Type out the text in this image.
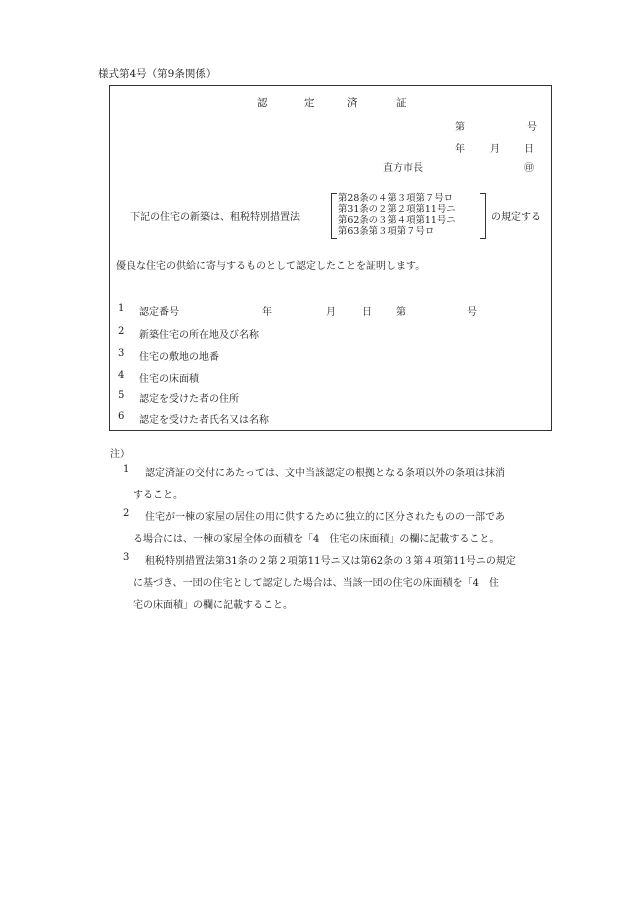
様式第4号（第9条関係）
認	定	済	証
第	号
年	月 日
直方市長	㊞
下記の住宅の新築は、租税特別措置法
第28条の４第３項第７号ロ
第31条の２第２項第11号ニ
第62条の３第４項第11号ニ
第63条第３項第７号ロ
の規定する
優良な住宅の供給に寄与するものとして認定したことを証明します。
1 認定番号	年	月	日 第	号
2 新築住宅の所在地及び名称
3 住宅の敷地の地番
4 住宅の床面積
5 認定を受けた者の住所
6 認定を受けた者氏名又は名称
注）
1 認定済証の交付にあたっては、文中当該認定の根拠となる条項以外の条項は抹消
すること。
2 住宅が一棟の家屋の居住の用に供するために独立的に区分されたものの一部であ
る場合には、一棟の家屋全体の面積を「4　住宅の床面積」の欄に記載すること。
3 租税特別措置法第31条の２第２項第11号ニ又は第62条の３第４項第11号ニの規定
に基づき、一団の住宅として認定した場合は、当該一団の住宅の床面積を「4　住
宅の床面積」の欄に記載すること。
